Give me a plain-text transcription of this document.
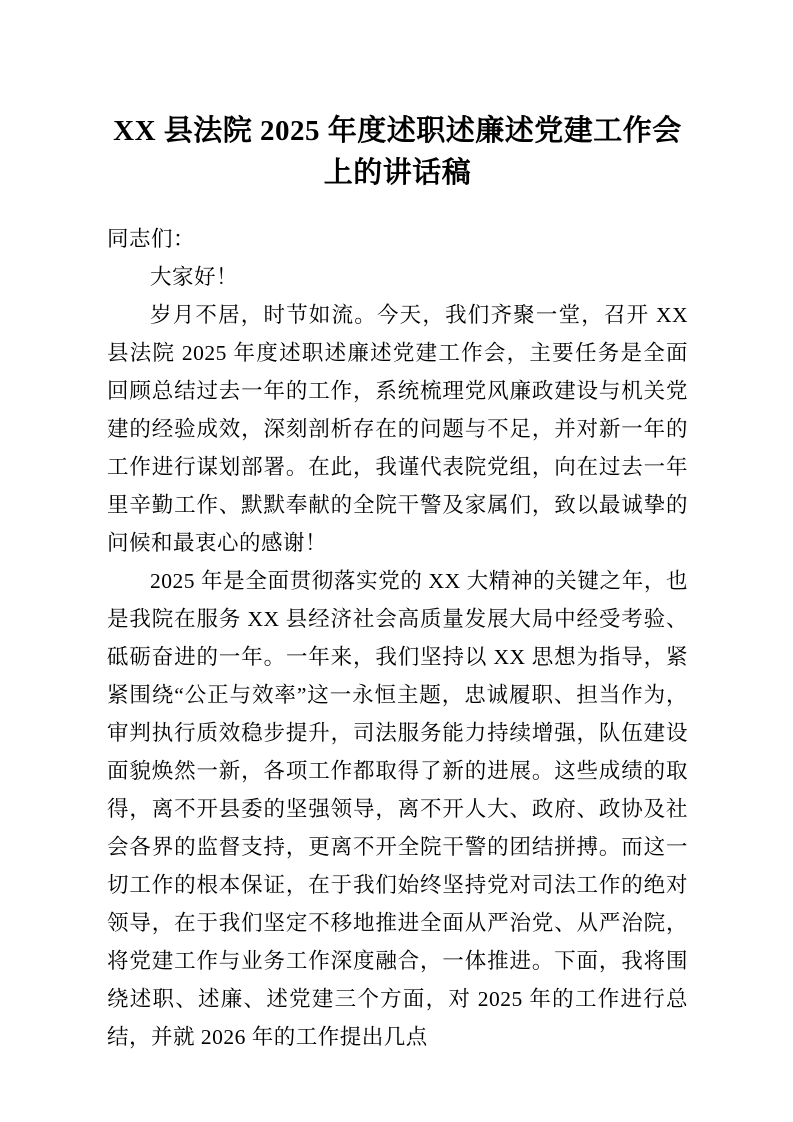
XX 县法院 2025 年度述职述廉述党建工作会上的讲话稿

同志们：

大家好！

岁月不居，时节如流。今天，我们齐聚一堂，召开 XX 县法院 2025 年度述职述廉述党建工作会，主要任务是全面回顾总结过去一年的工作，系统梳理党风廉政建设与机关党建的经验成效，深刻剖析存在的问题与不足，并对新一年的工作进行谋划部署。在此，我谨代表院党组，向在过去一年里辛勤工作、默默奉献的全院干警及家属们，致以最诚挚的问候和最衷心的感谢！

2025 年是全面贯彻落实党的 XX 大精神的关键之年，也是我院在服务 XX 县经济社会高质量发展大局中经受考验、砥砺奋进的一年。一年来，我们坚持以 XX 思想为指导，紧紧围绕“公正与效率”这一永恒主题，忠诚履职、担当作为，审判执行质效稳步提升，司法服务能力持续增强，队伍建设面貌焕然一新，各项工作都取得了新的进展。这些成绩的取得，离不开县委的坚强领导，离不开人大、政府、政协及社会各界的监督支持，更离不开全院干警的团结拼搏。而这一切工作的根本保证，在于我们始终坚持党对司法工作的绝对领导，在于我们坚定不移地推进全面从严治党、从严治院，将党建工作与业务工作深度融合，一体推进。下面，我将围绕述职、述廉、述党建三个方面，对 2025 年的工作进行总结，并就 2026 年的工作提出几点
